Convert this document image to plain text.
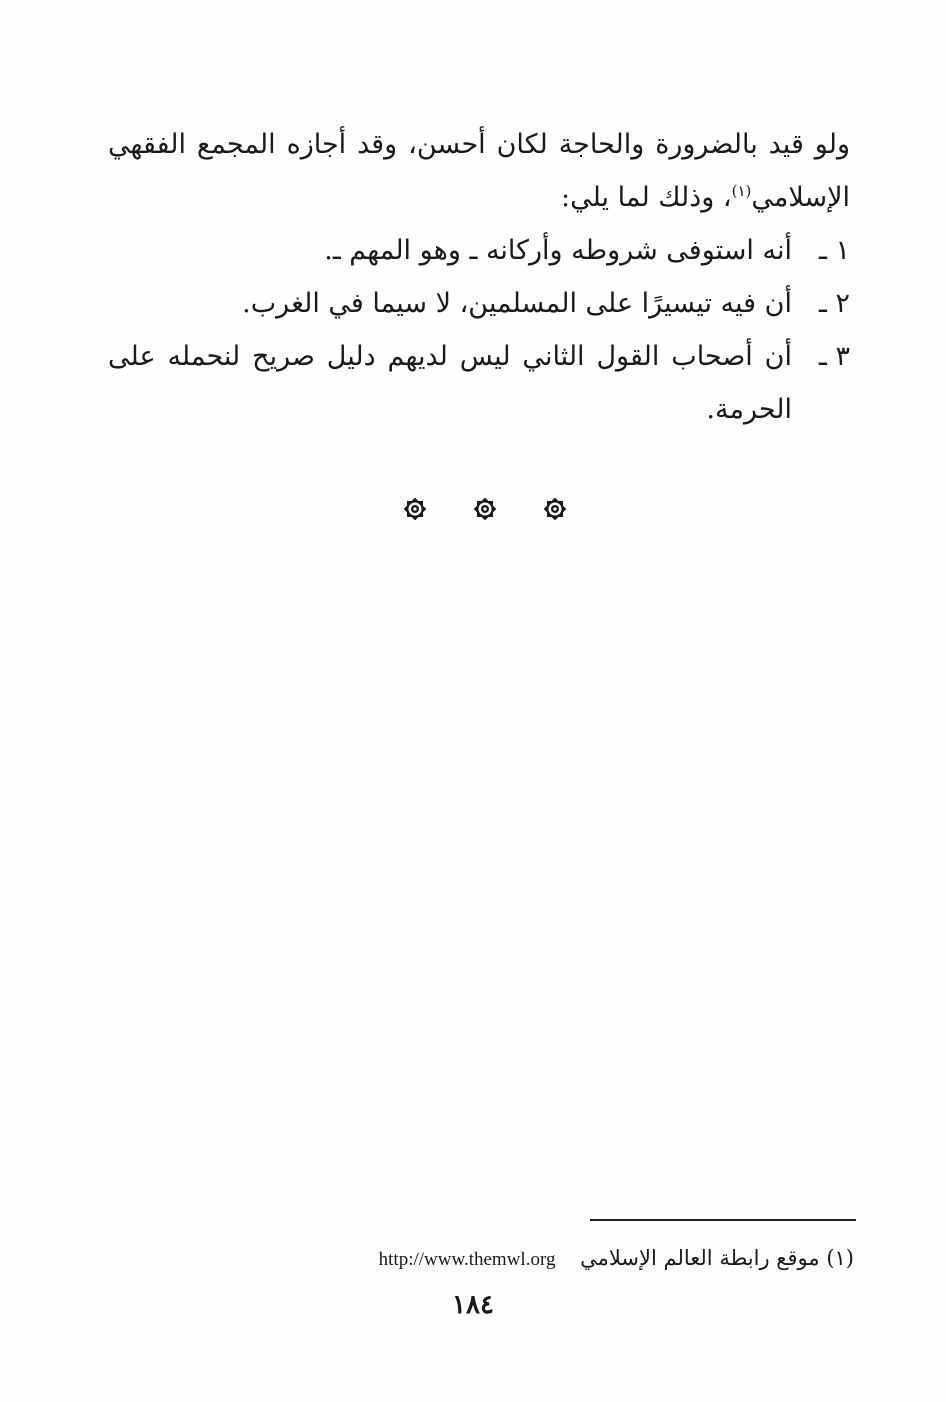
ولو قيد بالضرورة والحاجة لكان أحسن، وقد أجازه المجمع الفقهي
الإسلامي$^{(١)}$، وذلك لما يلي:

١ ـ
أنه استوفى شروطه وأركانه ـ وهو المهم ـ.
٢ ـ
أن فيه تيسيرًا على المسلمين، لا سيما في الغرب.
٣ ـ
أن أصحاب القول الثاني ليس لديهم دليل صريح لنحمله على الحرمة.
(١) موقع رابطة العالم الإسلامي http://www.themwl.org
١٨٤
